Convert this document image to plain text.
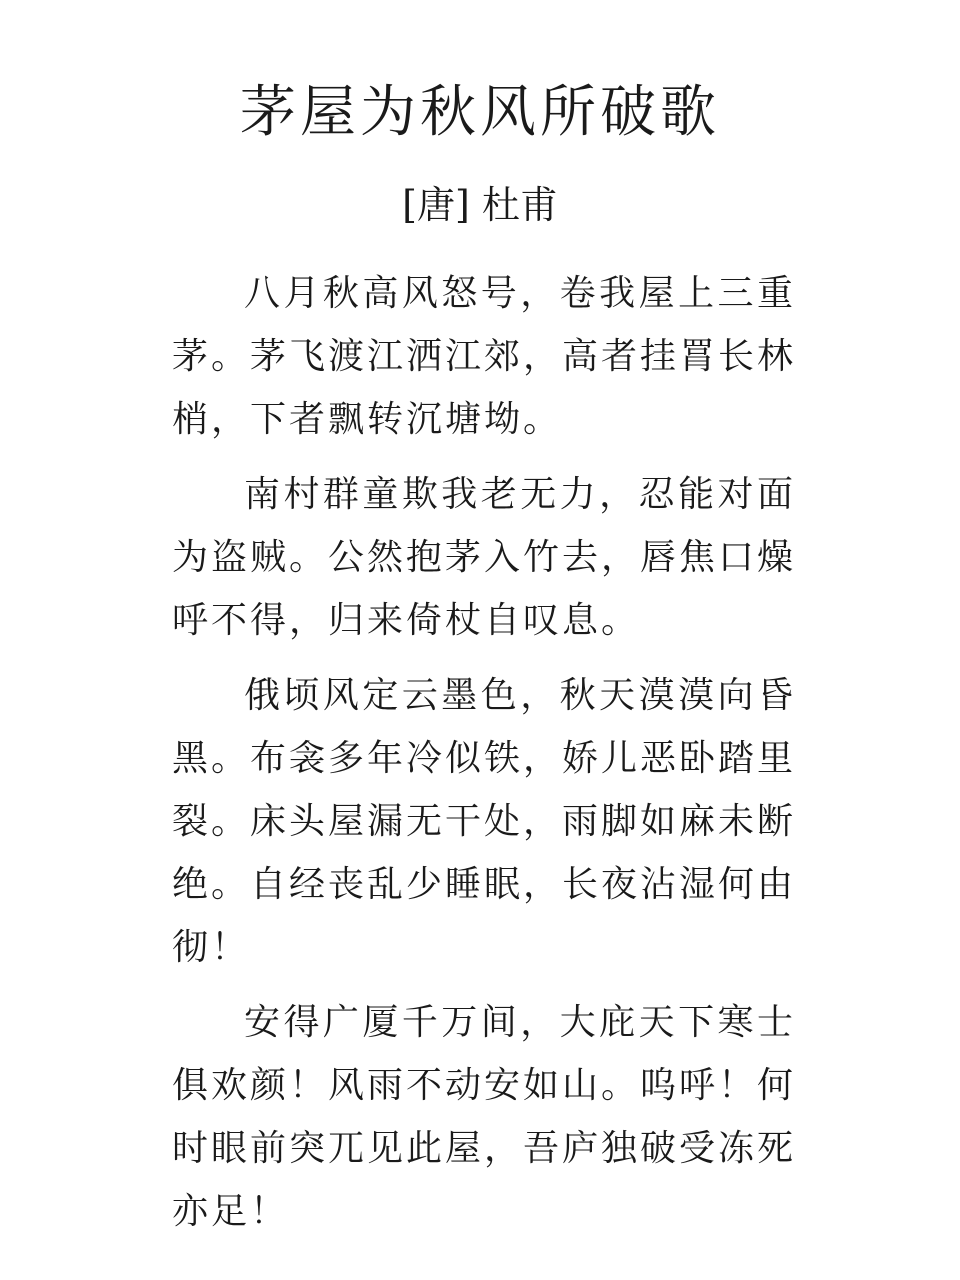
茅屋为秋风所破歌
[唐] 杜甫

八月秋高风怒号，卷我屋上三重茅。茅飞渡江洒江郊，高者挂罥长林梢，下者飘转沉塘坳。

南村群童欺我老无力，忍能对面为盗贼。公然抱茅入竹去，唇焦口燥呼不得，归来倚杖自叹息。

俄顷风定云墨色，秋天漠漠向昏黑。布衾多年冷似铁，娇儿恶卧踏里裂。床头屋漏无干处，雨脚如麻未断绝。自经丧乱少睡眠，长夜沾湿何由彻！

安得广厦千万间，大庇天下寒士俱欢颜！风雨不动安如山。呜呼！何时眼前突兀见此屋，吾庐独破受冻死亦足！
